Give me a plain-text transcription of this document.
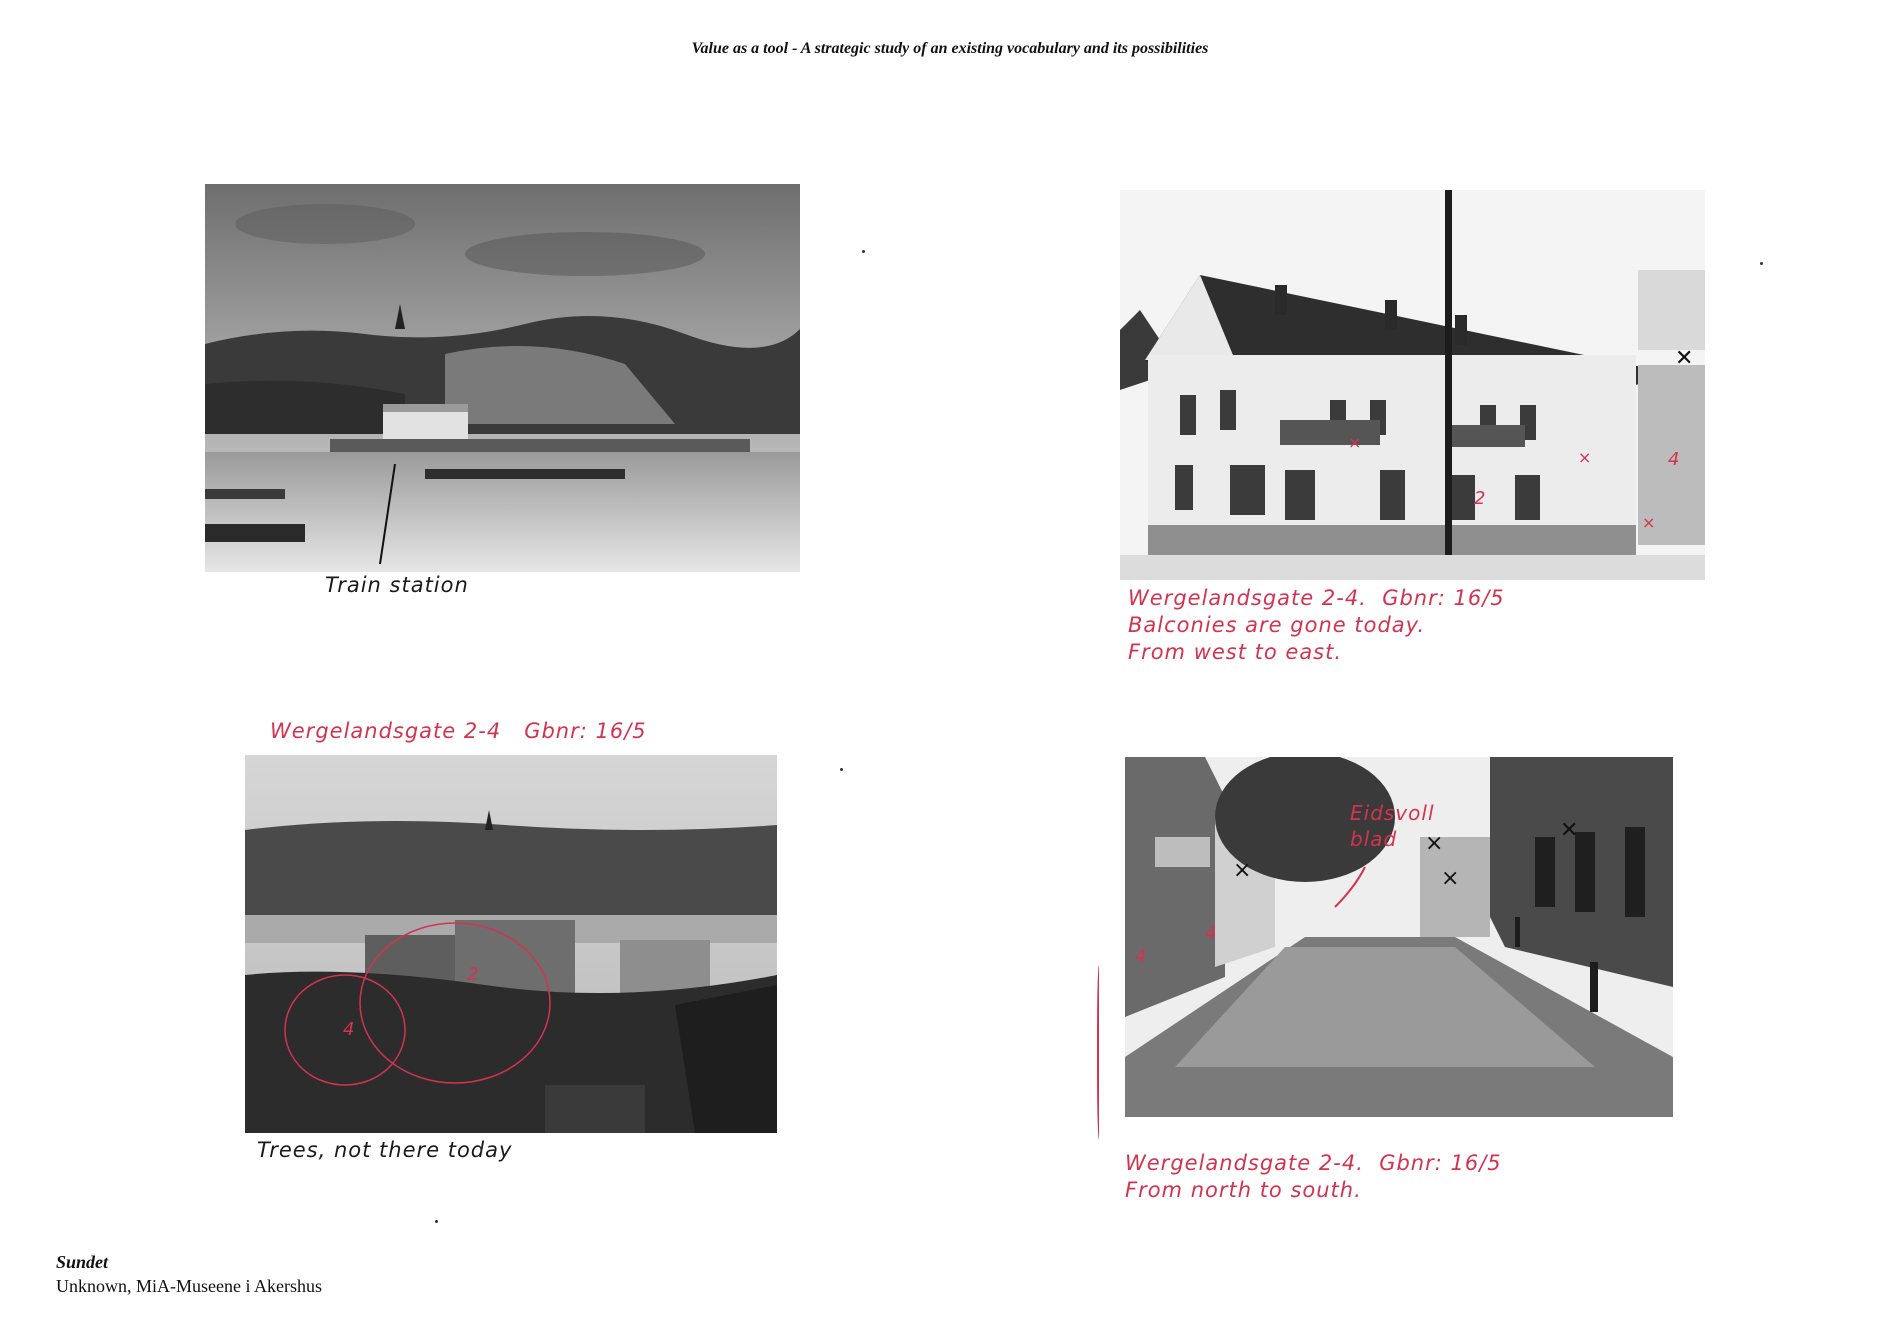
Value as a tool - A strategic study of an existing vocabulary and its possibilities
Train station
✕
×
×
×
2
4
Wergelandsgate 2-4.  Gbnr: 16/5
Balconies are gone today.
From west to east.
Wergelandsgate 2-4   Gbnr: 16/5
2
4
Trees, not there today
×
×
×
✕
4
4
Eidsvoll
blad
Wergelandsgate 2-4.  Gbnr: 16/5
From north to south.
Sundet
Unknown, MiA-Museene i Akershus
